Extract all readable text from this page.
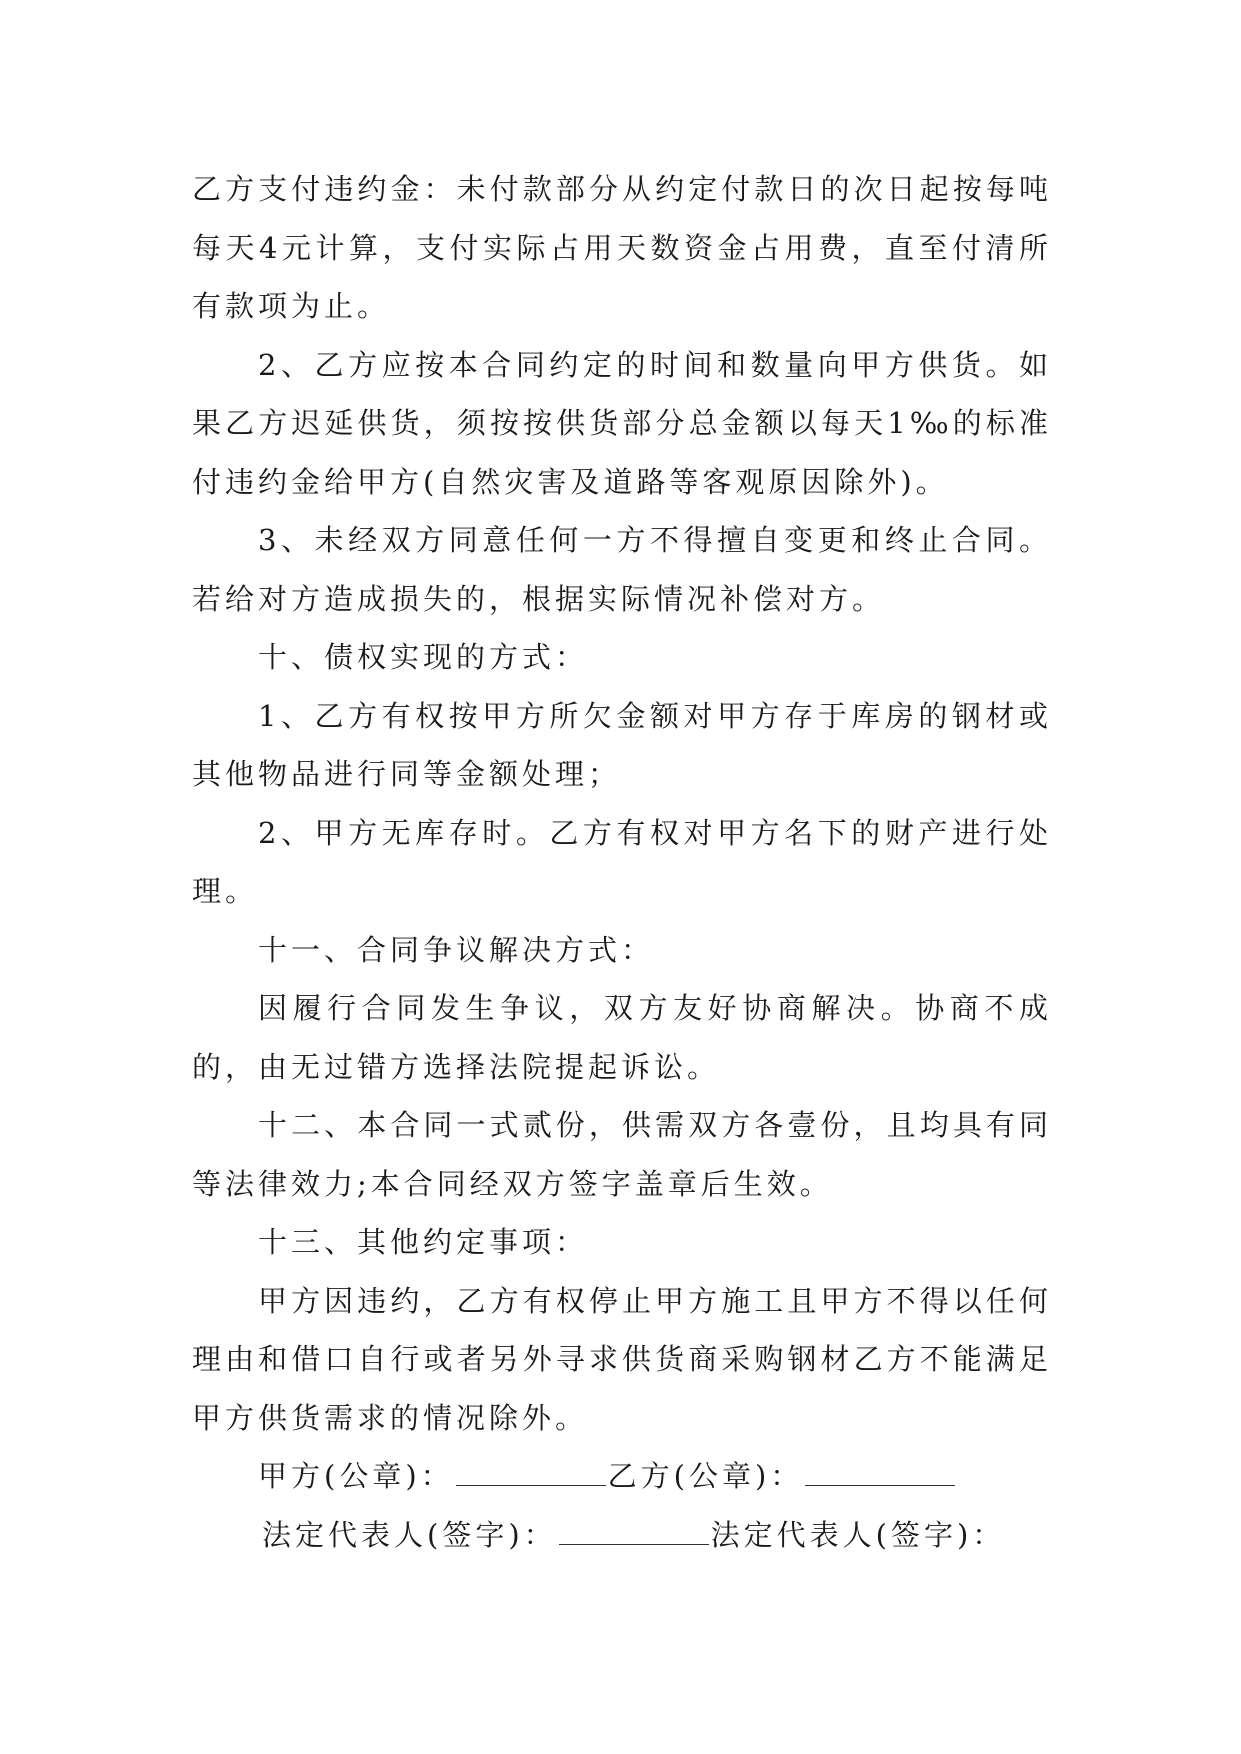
乙方支付违约金：未付款部分从约定付款日的次日起按每吨每天4元计算，支付实际占用天数资金占用费，直至付清所有款项为止。

2、乙方应按本合同约定的时间和数量向甲方供货。如果乙方迟延供货，须按按供货部分总金额以每天1‰的标准付违约金给甲方(自然灾害及道路等客观原因除外)。

3、未经双方同意任何一方不得擅自变更和终止合同。若给对方造成损失的，根据实际情况补偿对方。

十、债权实现的方式：

1、乙方有权按甲方所欠金额对甲方存于库房的钢材或其他物品进行同等金额处理；

2、甲方无库存时。乙方有权对甲方名下的财产进行处理。

十一、合同争议解决方式：

因履行合同发生争议，双方友好协商解决。协商不成的，由无过错方选择法院提起诉讼。

十二、本合同一式贰份，供需双方各壹份，且均具有同等法律效力;本合同经双方签字盖章后生效。

十三、其他约定事项：

甲方因违约，乙方有权停止甲方施工且甲方不得以任何理由和借口自行或者另外寻求供货商采购钢材乙方不能满足甲方供货需求的情况除外。

甲方(公章)：	乙方(公章)：
法定代表人(签字)：	法定代表人(签字)：
